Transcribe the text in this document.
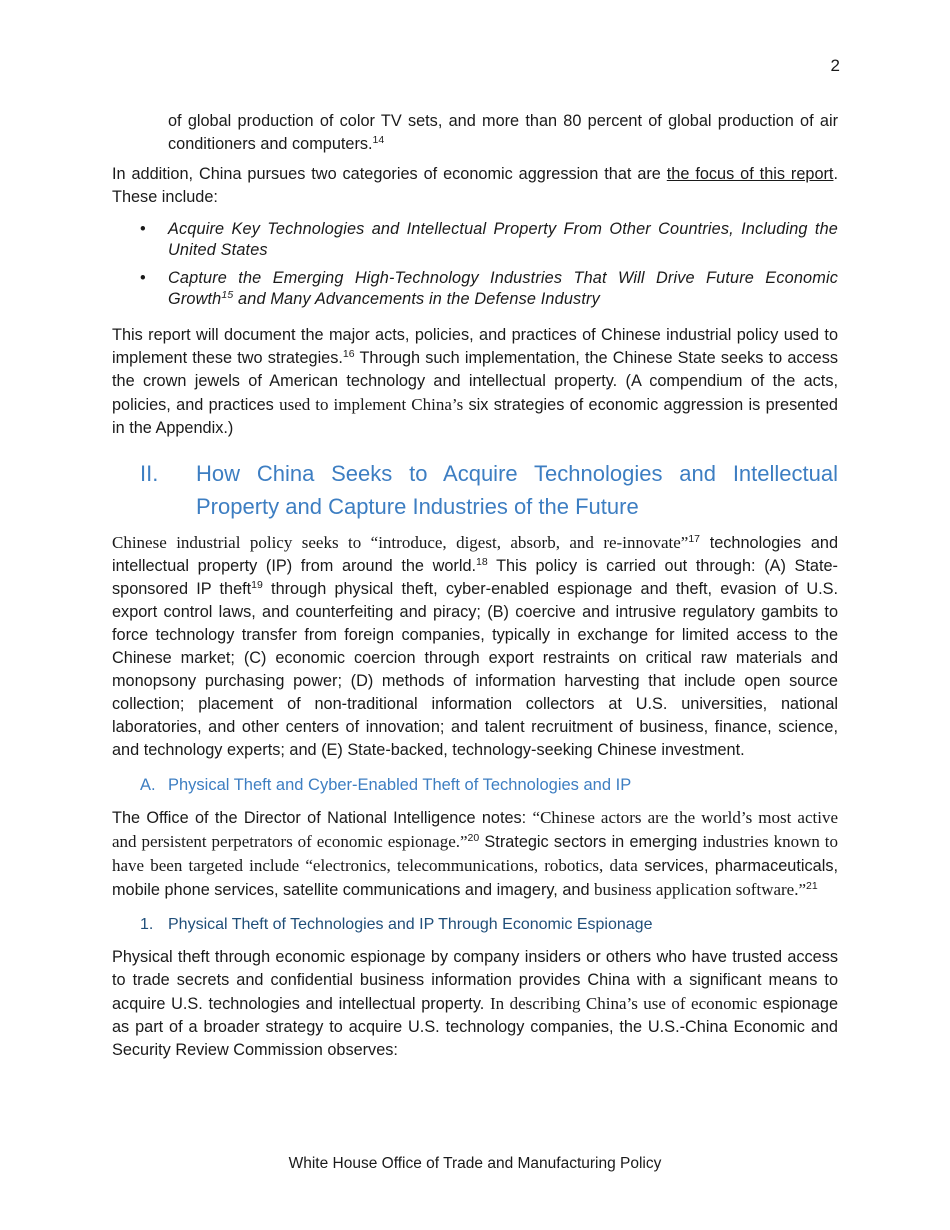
2

of global production of color TV sets, and more than 80 percent of global production of air conditioners and computers.$^{14}$

In addition, China pursues two categories of economic aggression that are the focus of this report. These include:

• Acquire Key Technologies and Intellectual Property From Other Countries, Including the United States
• Capture the Emerging High-Technology Industries That Will Drive Future Economic Growth$^{15}$ and Many Advancements in the Defense Industry

This report will document the major acts, policies, and practices of Chinese industrial policy used to implement these two strategies.$^{16}$ Through such implementation, the Chinese State seeks to access the crown jewels of American technology and intellectual property. (A compendium of the acts, policies, and practices used to implement China’s six strategies of economic aggression is presented in the Appendix.)

II. How China Seeks to Acquire Technologies and Intellectual Property and Capture Industries of the Future

Chinese industrial policy seeks to “introduce, digest, absorb, and re-innovate”$^{17}$ technologies and intellectual property (IP) from around the world.$^{18}$ This policy is carried out through: (A) State-sponsored IP theft$^{19}$ through physical theft, cyber-enabled espionage and theft, evasion of U.S. export control laws, and counterfeiting and piracy; (B) coercive and intrusive regulatory gambits to force technology transfer from foreign companies, typically in exchange for limited access to the Chinese market; (C) economic coercion through export restraints on critical raw materials and monopsony purchasing power; (D) methods of information harvesting that include open source collection; placement of non-traditional information collectors at U.S. universities, national laboratories, and other centers of innovation; and talent recruitment of business, finance, science, and technology experts; and (E) State-backed, technology-seeking Chinese investment.

A. Physical Theft and Cyber-Enabled Theft of Technologies and IP

The Office of the Director of National Intelligence notes: “Chinese actors are the world’s most active and persistent perpetrators of economic espionage.”$^{20}$ Strategic sectors in emerging industries known to have been targeted include “electronics, telecommunications, robotics, data services, pharmaceuticals, mobile phone services, satellite communications and imagery, and business application software.”$^{21}$

1. Physical Theft of Technologies and IP Through Economic Espionage

Physical theft through economic espionage by company insiders or others who have trusted access to trade secrets and confidential business information provides China with a significant means to acquire U.S. technologies and intellectual property. In describing China’s use of economic espionage as part of a broader strategy to acquire U.S. technology companies, the U.S.-China Economic and Security Review Commission observes:

White House Office of Trade and Manufacturing Policy
